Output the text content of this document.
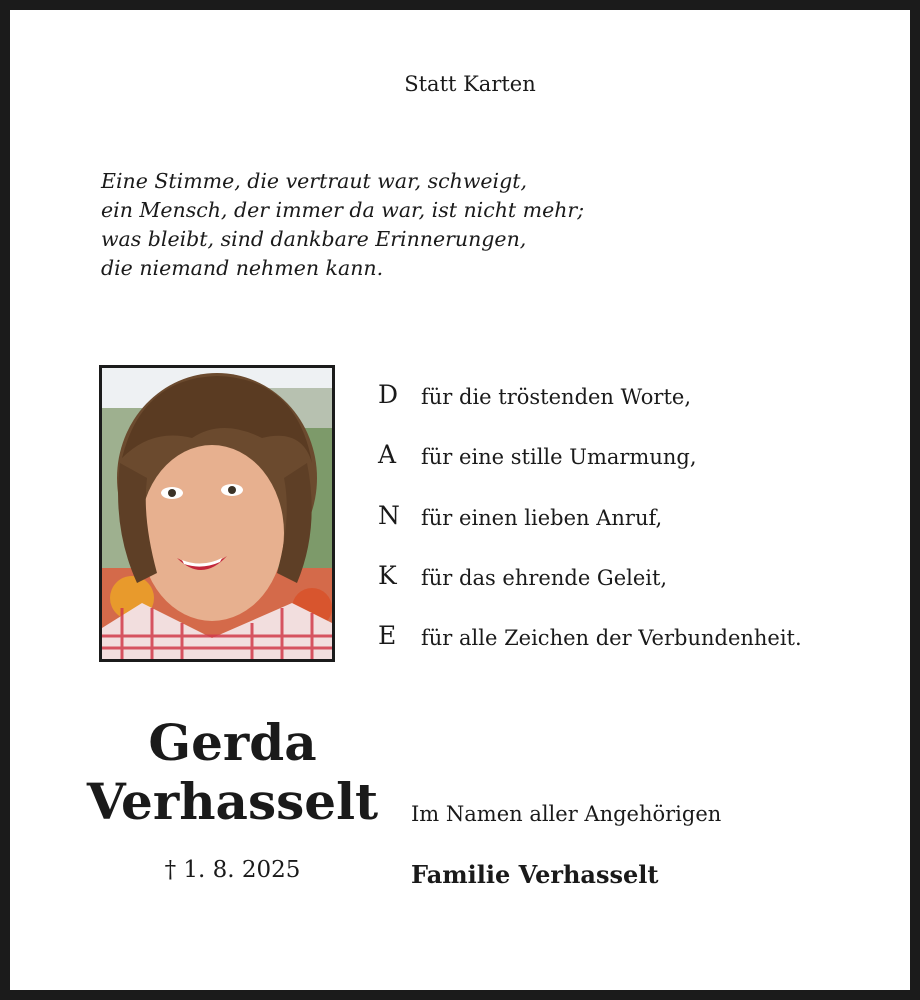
Statt Karten
Eine Stimme, die vertraut war, schweigt,
ein Mensch, der immer da war, ist nicht mehr;
was bleibt, sind dankbare Erinnerungen,
die niemand nehmen kann.
D	für die tröstenden Worte,
A	für eine stille Umarmung,
N	für einen lieben Anruf,
K	für das ehrende Geleit,
E	für alle Zeichen der Verbundenheit.
Gerda
Verhasselt
† 1. 8. 2025
Im Namen aller Angehörigen
Familie Verhasselt
